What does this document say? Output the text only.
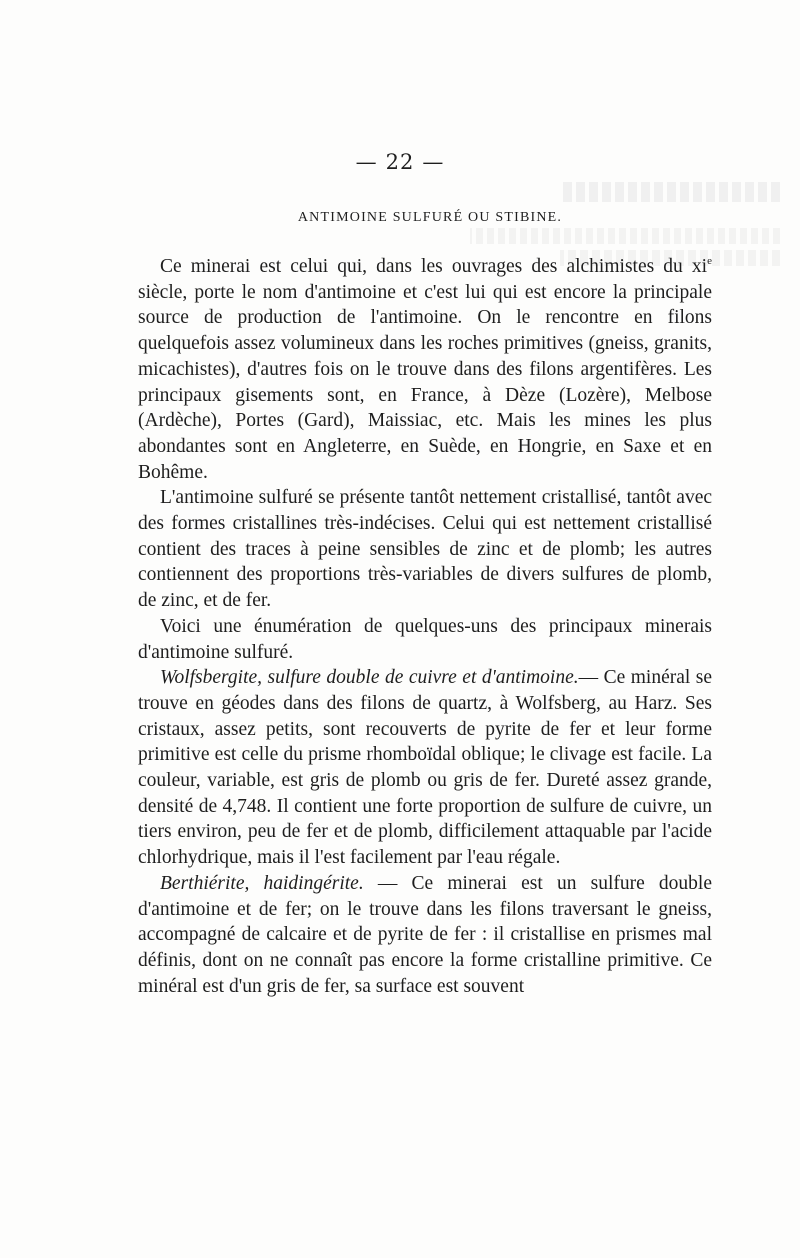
— 22 —
ANTIMOINE SULFURÉ OU STIBINE.

Ce minerai est celui qui, dans les ouvrages des alchimistes du $xi^e$ siècle, porte le nom d'antimoine et c'est lui qui est encore la principale source de production de l'antimoine. On le rencontre en filons quelquefois assez volumineux dans les roches primitives (gneiss, granits, micachistes), d'autres fois on le trouve dans des filons argentifères. Les principaux gisements sont, en France, à Dèze (Lozère), Melbose (Ardèche), Portes (Gard), Maissiac, etc. Mais les mines les plus abondantes sont en Angleterre, en Suède, en Hongrie, en Saxe et en Bohême.

L'antimoine sulfuré se présente tantôt nettement cristallisé, tantôt avec des formes cristallines très-indécises. Celui qui est nettement cristallisé contient des traces à peine sensibles de zinc et de plomb; les autres contiennent des proportions très-variables de divers sulfures de plomb, de zinc, et de fer.

Voici une énumération de quelques-uns des principaux minerais d'antimoine sulfuré.

Wolfsbergite, sulfure double de cuivre et d'antimoine.— Ce minéral se trouve en géodes dans des filons de quartz, à Wolfsberg, au Harz. Ses cristaux, assez petits, sont recouverts de pyrite de fer et leur forme primitive est celle du prisme rhomboïdal oblique; le clivage est facile. La couleur, variable, est gris de plomb ou gris de fer. Dureté assez grande, densité de 4,748. Il contient une forte proportion de sulfure de cuivre, un tiers environ, peu de fer et de plomb, difficilement attaquable par l'acide chlorhydrique, mais il l'est facilement par l'eau régale.

Berthiérite, haidingérite. — Ce minerai est un sulfure double d'antimoine et de fer; on le trouve dans les filons traversant le gneiss, accompagné de calcaire et de pyrite de fer : il cristallise en prismes mal définis, dont on ne connaît pas encore la forme cristalline primitive. Ce minéral est d'un gris de fer, sa surface est souvent
